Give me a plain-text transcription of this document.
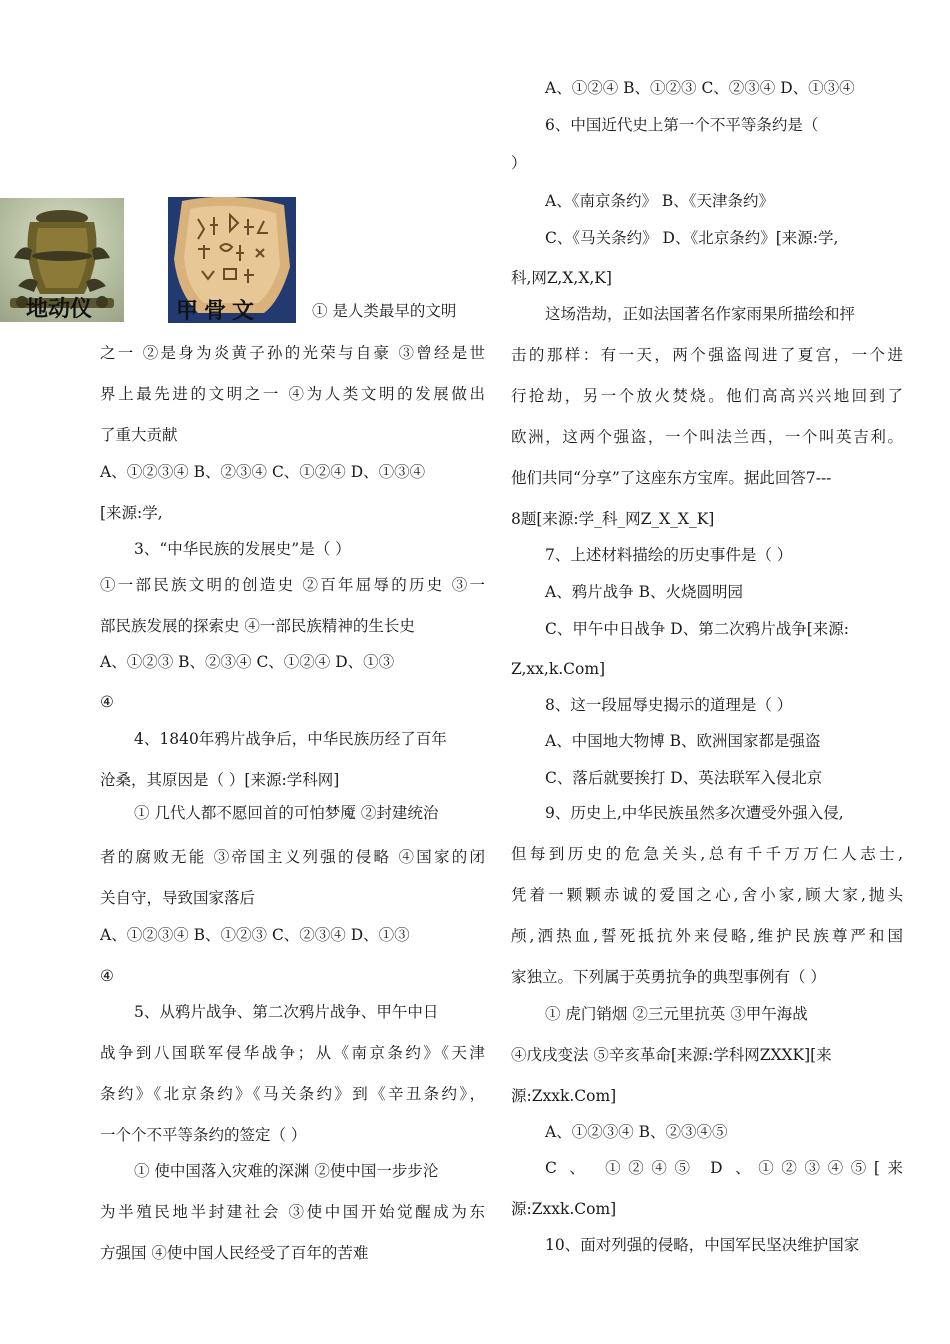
地动仪	甲骨文	① 是人类最早的文明
之一 ②是身为炎黄子孙的光荣与自豪 ③曾经是世
界上最先进的文明之一 ④为人类文明的发展做出
了重大贡献
A、①②③④ B、②③④ C、①②④ D、①③④
[来源:学,
3、“中华民族的发展史”是（ ）
①一部民族文明的创造史 ②百年屈辱的历史 ③一
部民族发展的探索史 ④一部民族精神的生长史
A、①②③ B、②③④ C、①②④ D、①③
④
4、1840年鸦片战争后，中华民族历经了百年
沧桑，其原因是（ ）[来源:学科网]
① 几代人都不愿回首的可怕梦魇 ②封建统治
者的腐败无能 ③帝国主义列强的侵略 ④国家的闭
关自守，导致国家落后
A、①②③④ B、①②③ C、②③④ D、①③
④
5、从鸦片战争、第二次鸦片战争、甲午中日
战争到八国联军侵华战争；从《南京条约》《天津
条约》《北京条约》《马关条约》到《辛丑条约》，
一个个不平等条约的签定（ ）
① 使中国落入灾难的深渊 ②使中国一步步沦
为半殖民地半封建社会 ③使中国开始觉醒成为东
方强国 ④使中国人民经受了百年的苦难
A、①②④ B、①②③ C、②③④ D、①③④
6、中国近代史上第一个不平等条约是（
）
A、《南京条约》 B、《天津条约》
C、《马关条约》 D、《北京条约》[来源:学,
科,网Z,X,X,K]
这场浩劫，正如法国著名作家雨果所描绘和抨
击的那样：有一天，两个强盗闯进了夏宫，一个进
行抢劫，另一个放火焚烧。他们高高兴兴地回到了
欧洲，这两个强盗，一个叫法兰西，一个叫英吉利。
他们共同“分享”了这座东方宝库。据此回答7---
8题[来源:学_科_网Z_X_X_K]
7、上述材料描绘的历史事件是（ ）
A、鸦片战争 B、火烧圆明园
C、甲午中日战争 D、第二次鸦片战争[来源:
Z,xx,k.Com]
8、这一段屈辱史揭示的道理是（ ）
A、中国地大物博 B、欧洲国家都是强盗
C、落后就要挨打 D、英法联军入侵北京
9、历史上,中华民族虽然多次遭受外强入侵,
但每到历史的危急关头,总有千千万万仁人志士,
凭着一颗颗赤诚的爱国之心,舍小家,顾大家,抛头
颅,洒热血,誓死抵抗外来侵略,维护民族尊严和国
家独立。下列属于英勇抗争的典型事例有（ ）
① 虎门销烟 ②三元里抗英 ③甲午海战
④戊戌变法 ⑤辛亥革命[来源:学科网ZXXK][来
源:Zxxk.Com]
A、①②③④ B、②③④⑤
C 、 ①②④⑤ D 、①②③④⑤[来
源:Zxxk.Com]
10、面对列强的侵略，中国军民坚决维护国家
